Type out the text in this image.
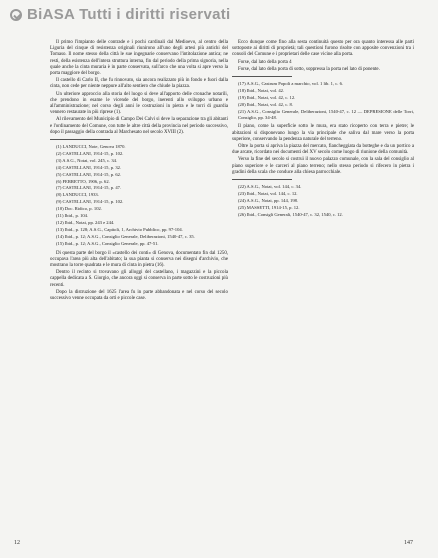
BiASA Tutti i diritti riservati

Il primo l'impianto delle contrade e i pochi cardinali dal Medioevo, al centro della Liguria del cinque di resistenza originali riunirono all'uno degli artesi più antichi del Tomaso. Il nome stesso della città le sue ingegnarie conservano l'intitolazione antica; ne resti, della esistenza dell'intera struttura interna, fin dal periodo della prima signoria, nella quale anche la cinta muraria è in parte conservata, sull'arco che una volta si apre verso la porta maggiore del borgo.

Il castello di Carlo II, che fu rinnovato, sia ancora realizzato più in fondo e fuori dalla cinta, non cede per niente neppure all'alto sentiero che chiude la piazza.

Un ulteriore approccio alla storia del luogo si deve all'apporto delle cronache notarili, che prendono in esame le vicende del borgo, inerenti allo sviluppo urbano e all'amministrazione; nel corso degli anni le costruzioni in pietra e le torri di guardia vennero restaurate in più riprese (1).

Al rilevamento del Municipio di Campo Dei Calvi si deve la separazione tra gli abitanti e l'ordinamento del Comune, con tutte le altre città della provincia nel periodo successivo, dopo il passaggio della contrada al Marchesato nel secolo XVIII (2).

(1) LANDUCCI, Note, Genova 1870.

(2) CASTELLANI, 1914-15, p. 102.

(3) A.S.G., Notai, vol. 245, c. 34.

(4) CASTELLANI, 1914-15, p. 32.

(5) CASTELLANI, 1914-15, p. 62.

(6) FERRETTO, 1906, p. 62.

(7) CASTELLANI, 1914-15, p. 47.

(8) LANDUCCI, 1933.

(9) CASTELLANI, 1914-15, p. 102.

(10) Doc. Ridico, p. 102.

(11) Ibid., p. 104.

(12) Ibid., Notai, pp. 243 e 244.

(13) Ibid., p. 128; A.S.G., Capitoli, 1, Archivio Pubblico, pp. 97-104.

(14) Ibid., p. 12; A.S.G., Consiglio Generale, Deliberazioni, 1540-47, c. 35.

(15) Ibid., p. 12; A.S.G., Consiglio Generale, pp. 47-51.

Di questa parte del borgo il «castello dei conti» di Genova, documentato fin dal 1250, occupava l'area più alta dell'abitato; la sua pianta si conserva nei disegni d'archivio, che mostrano la torre quadrata e le mura di cinta in pietra (16).

Dentro il recinto si trovavano gli alloggi del castellano, i magazzini e la piccola cappella dedicata a S. Giorgio, che ancora oggi si conserva in parte sotto le costruzioni più recenti.

Dopo la distruzione del 1625 l'area fu in parte abbandonata e nel corso del secolo successivo venne occupata da orti e piccole case.

Ecco dunque come fino alla sesta continuità questo per ora quanto interessa alle parti sottoposte ai diritti di proprietà; tali questioni furono risolte con apposite convenzioni tra i consoli del Comune e i proprietari delle case vicine alla porta.

Forse, dal lato della porta 4

Forse, dal lato della porta di sotto, soppressa la porta nel lato di ponente.

(17) A.S.G., Castrum Popoli a marchio, vol. 1 lib. 1, c. 6.

(18) Ibid., Notai, vol. 42.

(19) Ibid., Notai, vol. 42, c. 12.

(20) Ibid., Notai, vol. 42, c. 8.

(21) A.S.G., Consiglio Generale, Deliberazioni, 1540-47, c. 12 — DEPRESIONE delle Torri, Consiglio, pp. 34-48.

Il piano, come la superficie sotto le mura, era stato ricoperto con terra e pietre; le abitazioni si disponevano lungo la via principale che saliva dal mare verso la porta superiore, conservando la pendenza naturale del terreno.

Oltre la porta si apriva la piazza del mercato, fiancheggiata da botteghe e da un portico a due arcate, ricordato nei documenti del XV secolo come luogo di riunione della comunità.

Verso la fine del secolo si costruì il nuovo palazzo comunale, con la sala del consiglio al piano superiore e le carceri al piano terreno; nello stesso periodo si rifecero in pietra i gradini della scala che conduce alla chiesa parrocchiale.

(22) A.S.G., Notai, vol. 144, c. 34.

(23) Ibid., Notai, vol. 144, c. 12.

(24) A.S.G., Notai, pp. 144, 198.

(25) MASSETTI, 1914-15, p. 12.

(26) Ibid., Consigli Generali, 1540-47, c. 32, 1540, c. 12.

12	147
